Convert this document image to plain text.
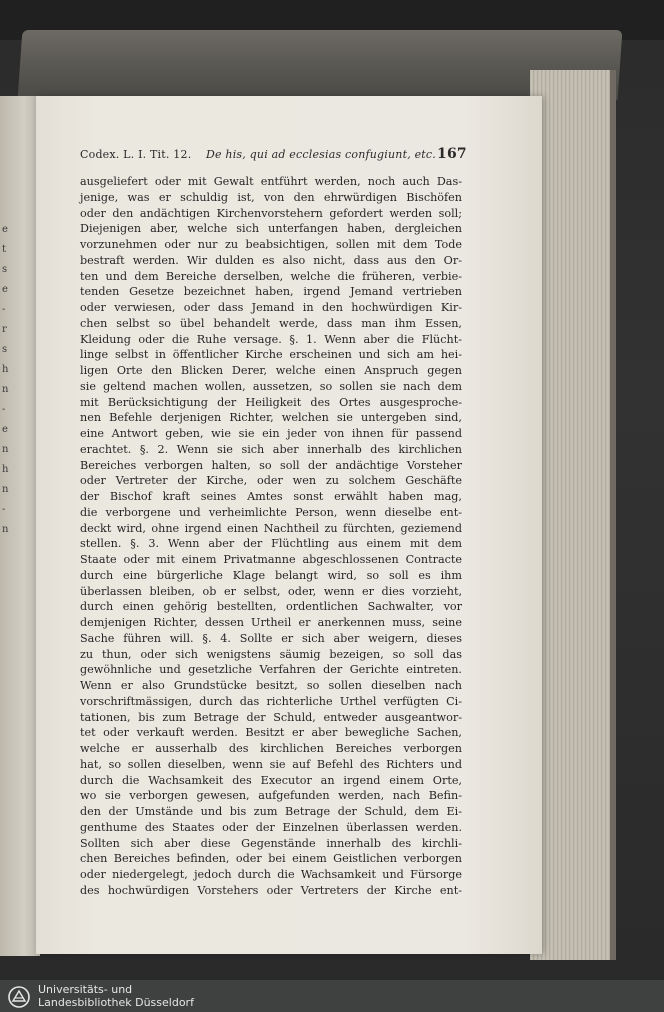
e
t
s
e
-
r
s
h
n
-
e
n
h
n
-
n
Codex. L. I. Tit. 12. De his, qui ad ecclesias confugiunt, etc. 167
ausgeliefert oder mit Gewalt entführt werden, noch auch Das-
jenige, was er schuldig ist, von den ehrwürdigen Bischöfen
oder den andächtigen Kirchenvorstehern gefordert werden soll;
Diejenigen aber, welche sich unterfangen haben, dergleichen
vorzunehmen oder nur zu beabsichtigen, sollen mit dem Tode
bestraft werden. Wir dulden es also nicht, dass aus den Or-
ten und dem Bereiche derselben, welche die früheren, verbie-
tenden Gesetze bezeichnet haben, irgend Jemand vertrieben
oder verwiesen, oder dass Jemand in den hochwürdigen Kir-
chen selbst so übel behandelt werde, dass man ihm Essen,
Kleidung oder die Ruhe versage. §. 1. Wenn aber die Flücht-
linge selbst in öffentlicher Kirche erscheinen und sich am hei-
ligen Orte den Blicken Derer, welche einen Anspruch gegen
sie geltend machen wollen, aussetzen, so sollen sie nach dem
mit Berücksichtigung der Heiligkeit des Ortes ausgesproche-
nen Befehle derjenigen Richter, welchen sie untergeben sind,
eine Antwort geben, wie sie ein jeder von ihnen für passend
erachtet. §. 2. Wenn sie sich aber innerhalb des kirchlichen
Bereiches verborgen halten, so soll der andächtige Vorsteher
oder Vertreter der Kirche, oder wen zu solchem Geschäfte
der Bischof kraft seines Amtes sonst erwählt haben mag,
die verborgene und verheimlichte Person, wenn dieselbe ent-
deckt wird, ohne irgend einen Nachtheil zu fürchten, geziemend
stellen. §. 3. Wenn aber der Flüchtling aus einem mit dem
Staate oder mit einem Privatmanne abgeschlossenen Contracte
durch eine bürgerliche Klage belangt wird, so soll es ihm
überlassen bleiben, ob er selbst, oder, wenn er dies vorzieht,
durch einen gehörig bestellten, ordentlichen Sachwalter, vor
demjenigen Richter, dessen Urtheil er anerkennen muss, seine
Sache führen will. §. 4. Sollte er sich aber weigern, dieses
zu thun, oder sich wenigstens säumig bezeigen, so soll das
gewöhnliche und gesetzliche Verfahren der Gerichte eintreten.
Wenn er also Grundstücke besitzt, so sollen dieselben nach
vorschriftmässigen, durch das richterliche Urthel verfügten Ci-
tationen, bis zum Betrage der Schuld, entweder ausgeantwor-
tet oder verkauft werden. Besitzt er aber bewegliche Sachen,
welche er ausserhalb des kirchlichen Bereiches verborgen
hat, so sollen dieselben, wenn sie auf Befehl des Richters und
durch die Wachsamkeit des Executor an irgend einem Orte,
wo sie verborgen gewesen, aufgefunden werden, nach Befin-
den der Umstände und bis zum Betrage der Schuld, dem Ei-
genthume des Staates oder der Einzelnen überlassen werden.
Sollten sich aber diese Gegenstände innerhalb des kirchli-
chen Bereiches befinden, oder bei einem Geistlichen verborgen
oder niedergelegt, jedoch durch die Wachsamkeit und Fürsorge
des hochwürdigen Vorstehers oder Vertreters der Kirche ent-
Universitäts- und
Landesbibliothek Düsseldorf
